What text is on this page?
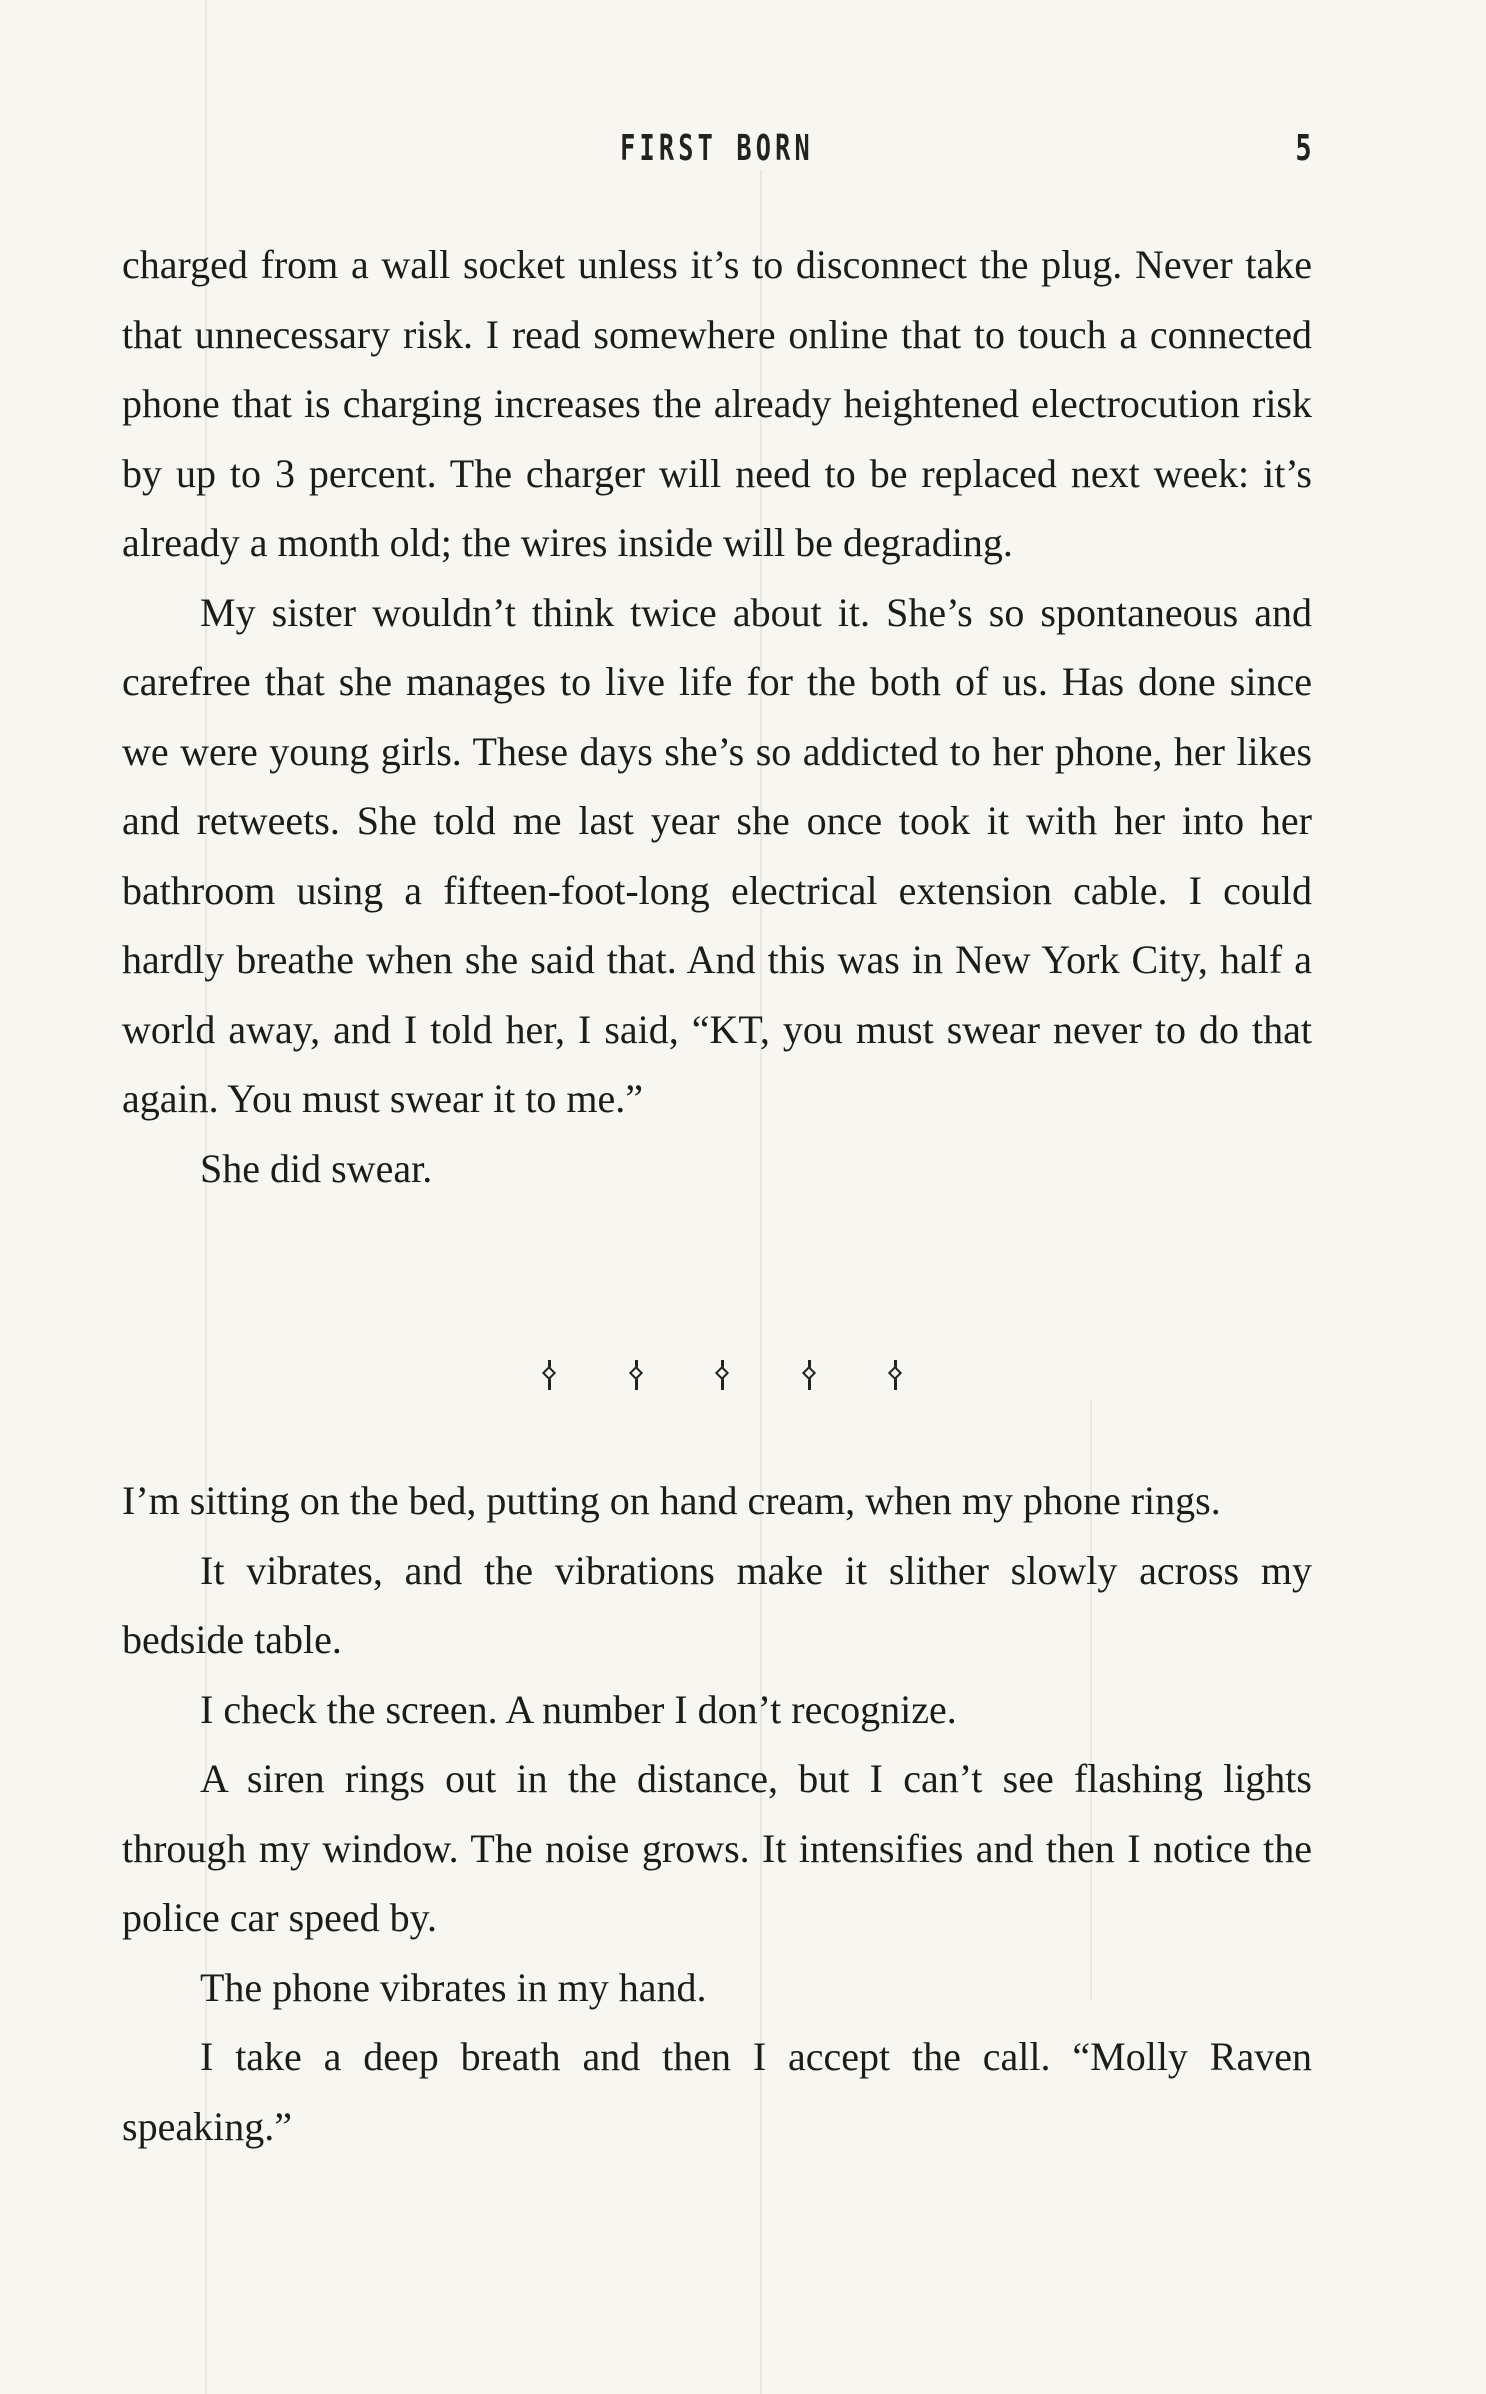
FIRST BORN	5

charged from a wall socket unless it’s to disconnect the plug. Never take that unnecessary risk. I read somewhere online that to touch a connected phone that is charging increases the already heightened electrocution risk by up to 3 percent. The charger will need to be replaced next week: it’s already a month old; the wires inside will be degrading.

My sister wouldn’t think twice about it. She’s so spontaneous and carefree that she manages to live life for the both of us. Has done since we were young girls. These days she’s so addicted to her phone, her likes and retweets. She told me last year she once took it with her into her bathroom using a fifteen-foot-long electrical extension cable. I could hardly breathe when she said that. And this was in New York City, half a world away, and I told her, I said, “KT, you must swear never to do that again. You must swear it to me.”

She did swear.

I’m sitting on the bed, putting on hand cream, when my phone rings.

It vibrates, and the vibrations make it slither slowly across my bedside table.

I check the screen. A number I don’t recognize.

A siren rings out in the distance, but I can’t see flashing lights through my window. The noise grows. It intensifies and then I notice the police car speed by.

The phone vibrates in my hand.

I take a deep breath and then I accept the call. “Molly Raven speaking.”
